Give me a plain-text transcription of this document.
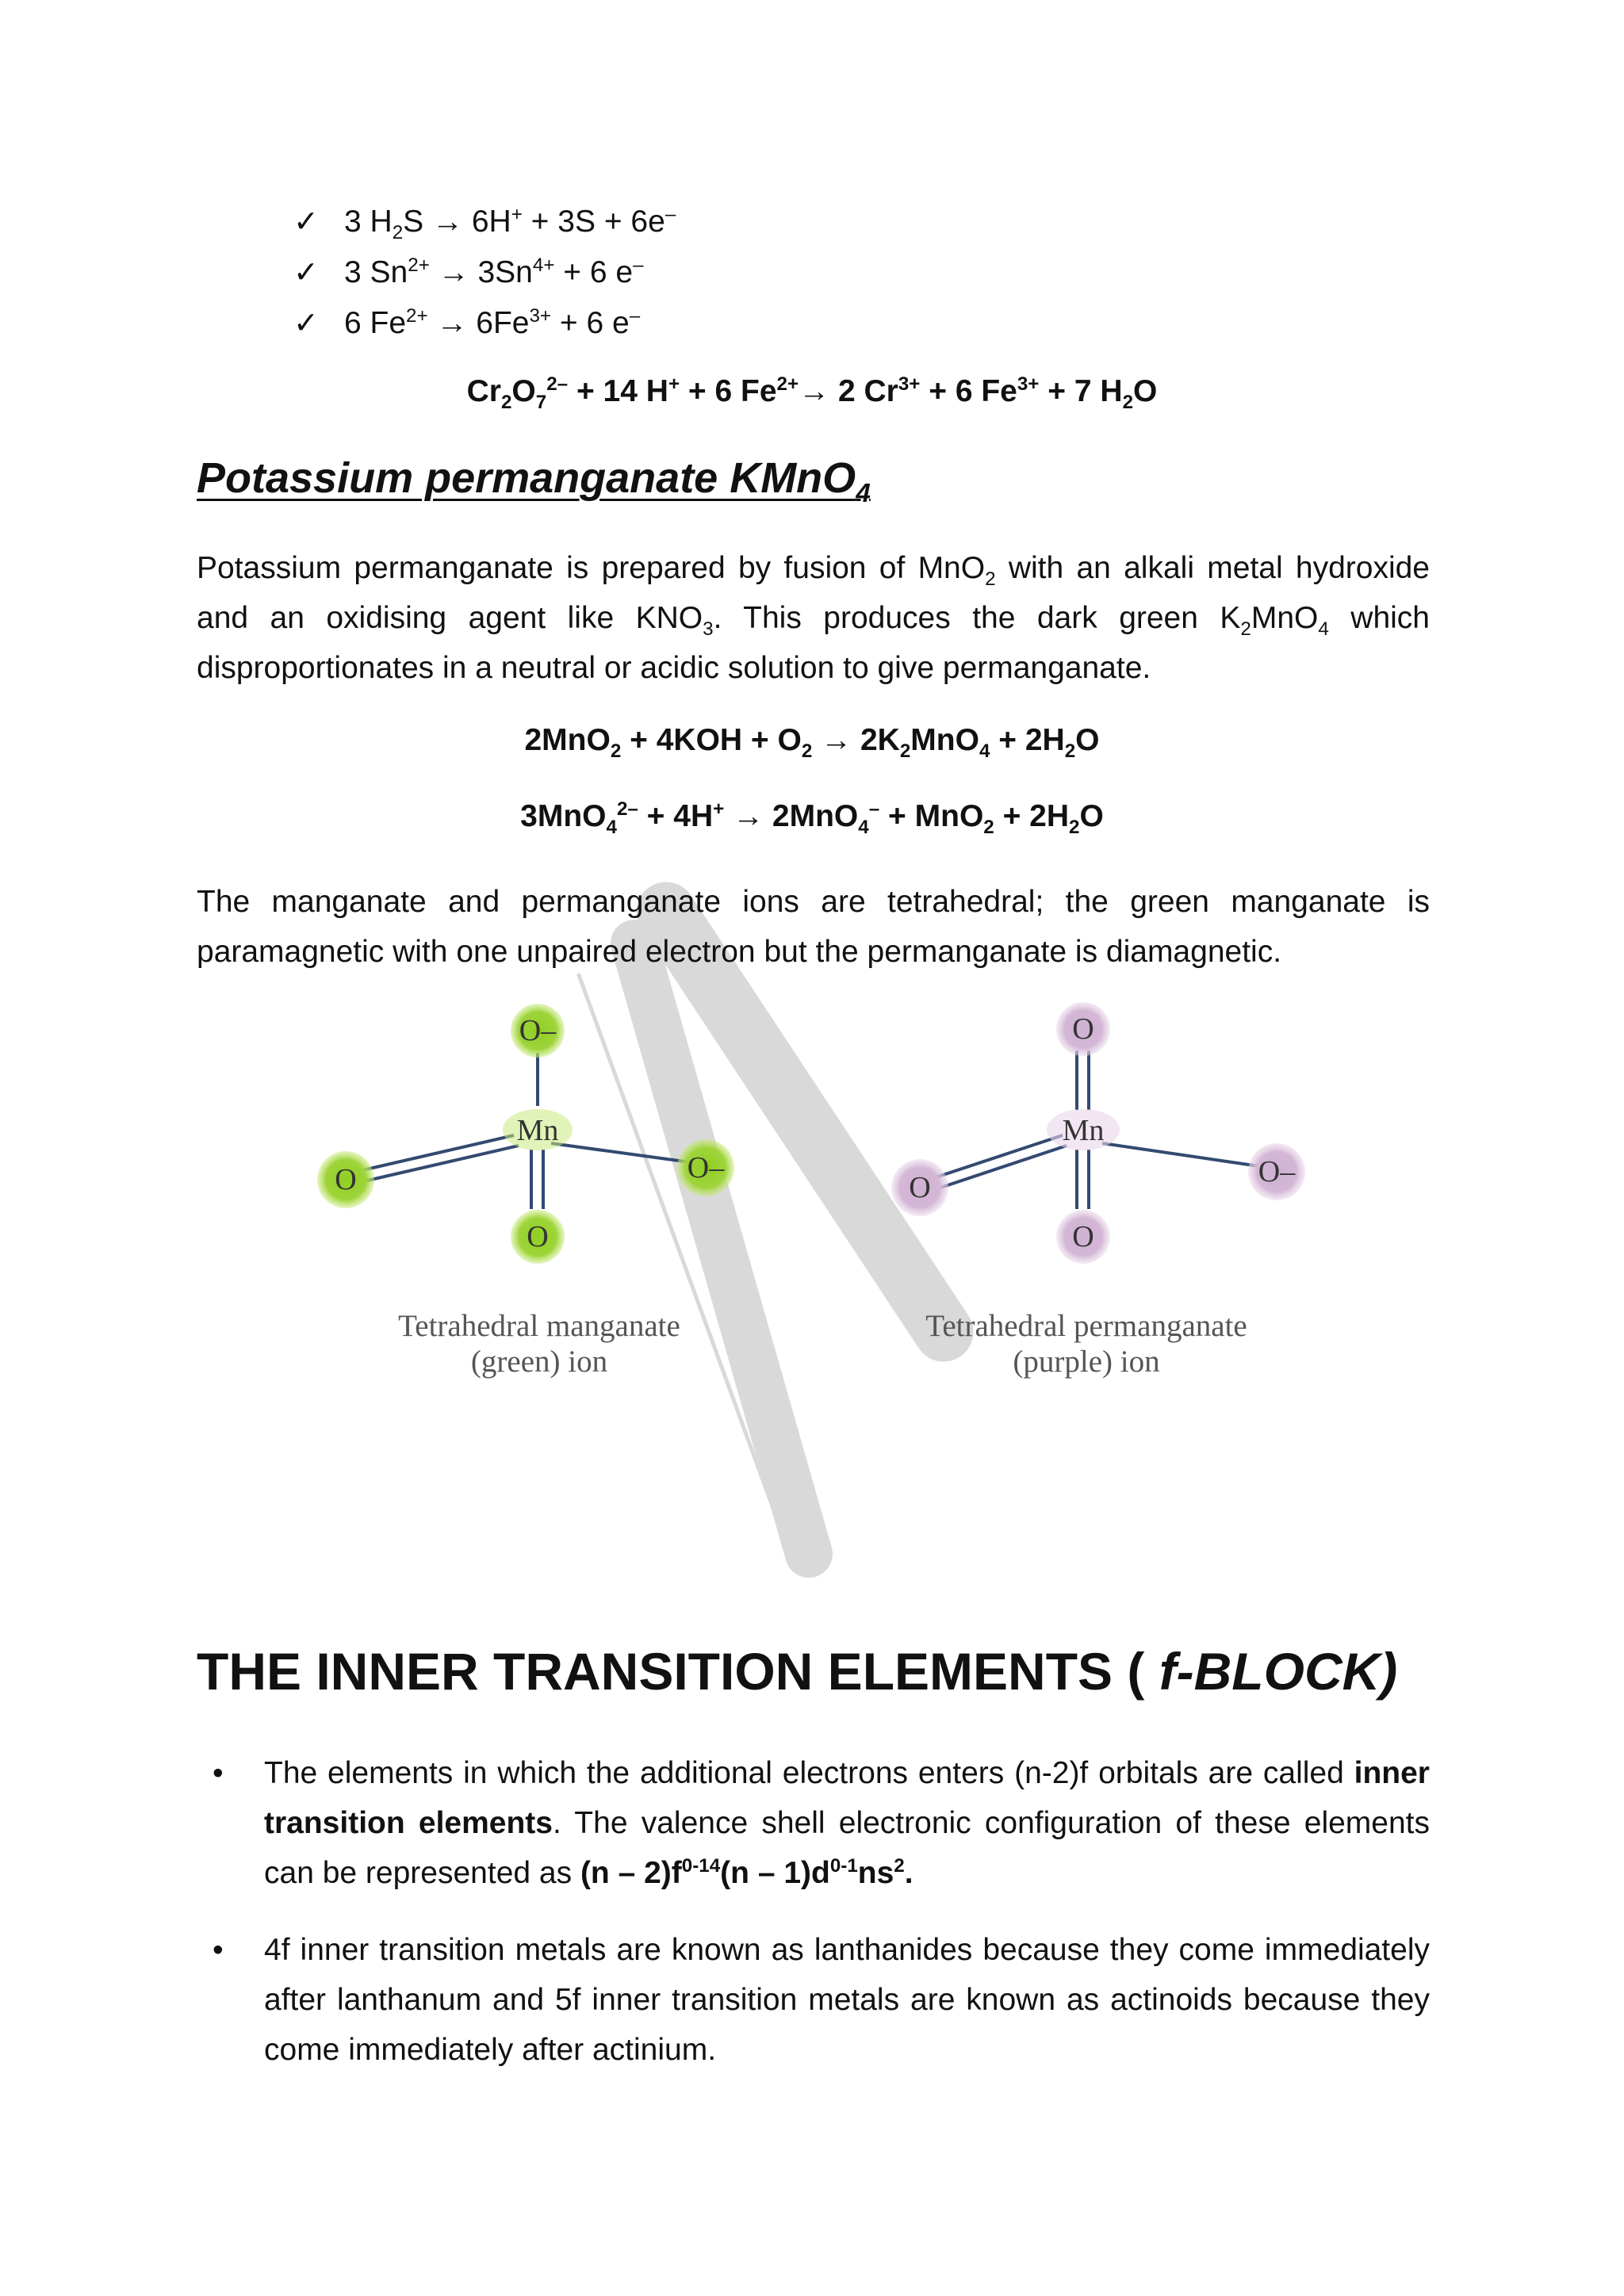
✓ 3 $H_2S \to 6H^+ + 3S + 6e^-$
✓ 3 $Sn^{2+} \to 3Sn^{4+} + 6$ e–
✓ 6 $Fe^{2+} \to 6Fe^{3+} + 6$ e–
$Cr_2O_7^{2-} + 14$ H+ + 6 $Fe^{2+}\to 2$ $Cr^{3+} + 6$ $Fe^{3+} + 7$ $H_2O$
Potassium permanganate KMnO$_4$

Potassium permanganate is prepared by fusion of MnO$_2$ with an alkali metal hydroxide and an oxidising agent like $KNO_3$. This produces the dark green $K_2MnO_4$ which disproportionates in a neutral or acidic solution to give permanganate.

$2MnO_2 + 4KOH + O_2 \to 2K_2MnO_4 + 2H_2O$
$3MnO_4^{2-} + 4H^+ \to 2MnO_4^- + MnO_2 + 2H_2O$

The manganate and permanganate ions are tetrahedral; the green manganate is paramagnetic with one unpaired electron but the permanganate is diamagnetic.

Mn
O–
O	O–
O
Mn
O
O	O–
O
Tetrahedral manganate
(green) ion
Tetrahedral permanganate
(purple) ion
THE INNER TRANSITION ELEMENTS ( f-BLOCK)
• The elements in which the additional electrons enters (n-2)f orbitals are called inner transition elements. The valence shell electronic configuration of these elements can be represented as $(n - 2)f^{0-14}(n - 1)d^{0-1}ns^2$.
• 4f inner transition metals are known as lanthanides because they come immediately after lanthanum and 5f inner transition metals are known as actinoids because they come immediately after actinium.
